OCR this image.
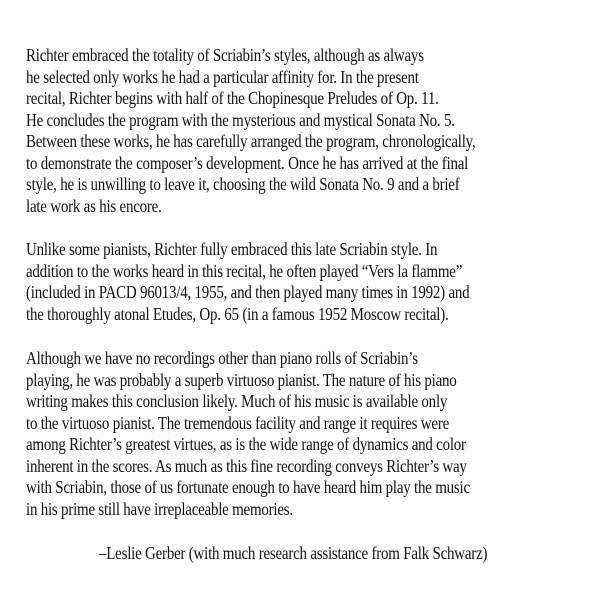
Richter embraced the totality of Scriabin’s styles, although as always
he selected only works he had a particular affinity for. In the present
recital, Richter begins with half of the Chopinesque Preludes of Op. 11.
He concludes the program with the mysterious and mystical Sonata No. 5.
Between these works, he has carefully arranged the program, chronologically,
to demonstrate the composer’s development. Once he has arrived at the final
style, he is unwilling to leave it, choosing the wild Sonata No. 9 and a brief
late work as his encore.

Unlike some pianists, Richter fully embraced this late Scriabin style. In
addition to the works heard in this recital, he often played “Vers la flamme”
(included in PACD 96013/4, 1955, and then played many times in 1992) and
the thoroughly atonal Etudes, Op. 65 (in a famous 1952 Moscow recital).

Although we have no recordings other than piano rolls of Scriabin’s
playing, he was probably a superb virtuoso pianist. The nature of his piano
writing makes this conclusion likely. Much of his music is available only
to the virtuoso pianist. The tremendous facility and range it requires were
among Richter’s greatest virtues, as is the wide range of dynamics and color
inherent in the scores. As much as this fine recording conveys Richter’s way
with Scriabin, those of us fortunate enough to have heard him play the music
in his prime still have irreplaceable memories.

–Leslie Gerber (with much research assistance from Falk Schwarz)
